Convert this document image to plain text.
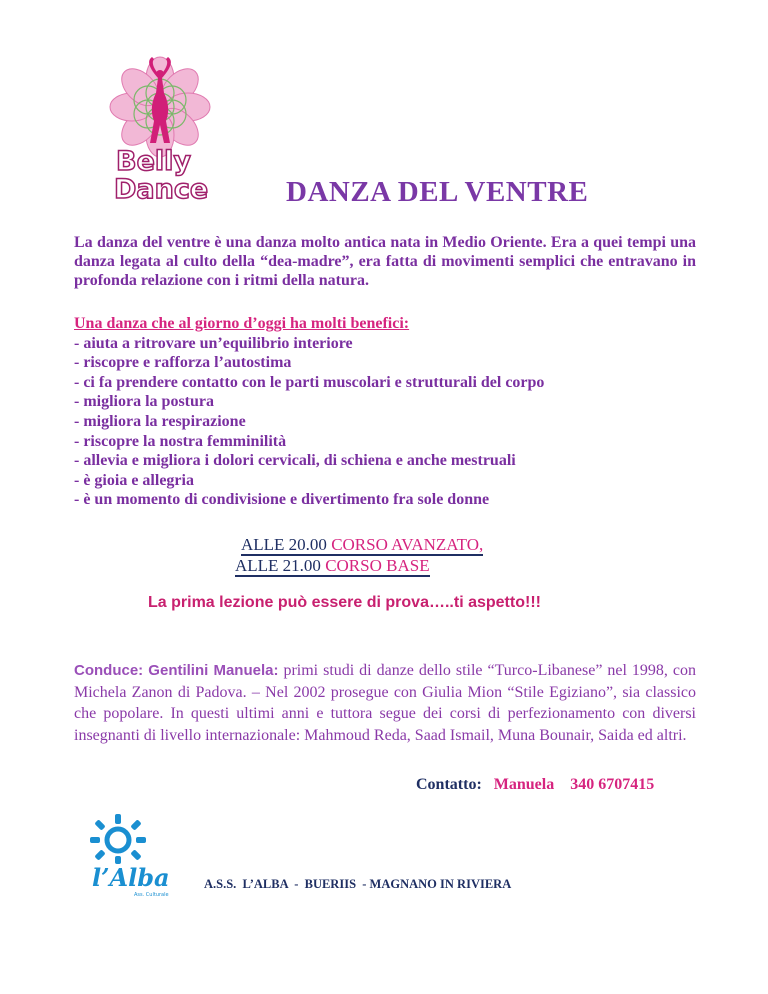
Belly
Dance	DANZA DEL VENTRE
La danza del ventre è una danza molto antica nata in Medio Oriente. Era a quei tempi una danza legata al culto della “dea-madre”, era fatta di movimenti semplici che entravano in profonda relazione con i ritmi della natura.
Una danza che al giorno d’oggi ha molti benefici:
- aiuta a ritrovare un’equilibrio interiore
- riscopre e rafforza l’autostima
- ci fa prendere contatto con le parti muscolari e strutturali del corpo
- migliora la postura
- migliora la respirazione
- riscopre la nostra femminilità
- allevia e migliora i dolori cervicali, di schiena e anche mestruali
- è gioia e allegria
- è un momento di condivisione e divertimento fra sole donne
ALLE 20.00 CORSO AVANZATO,
ALLE 21.00 CORSO BASE
La prima lezione può essere di prova…..ti aspetto!!!
Conduce: Gentilini Manuela: primi studi di danze dello stile “Turco-Libanese” nel 1998, con Michela Zanon di Padova. – Nel 2002 prosegue con Giulia Mion “Stile Egiziano”, sia classico che popolare. In questi ultimi anni e tuttora segue dei corsi di perfezionamento con diversi insegnanti di livello internazionale: Mahmoud Reda, Saad Ismail, Muna Bounair, Saida ed altri.
Contatto: Manuela 340 6707415
l’Alba
Ass. Culturale
A.S.S.  L’ALBA  -  BUERIIS  - MAGNANO IN RIVIERA
